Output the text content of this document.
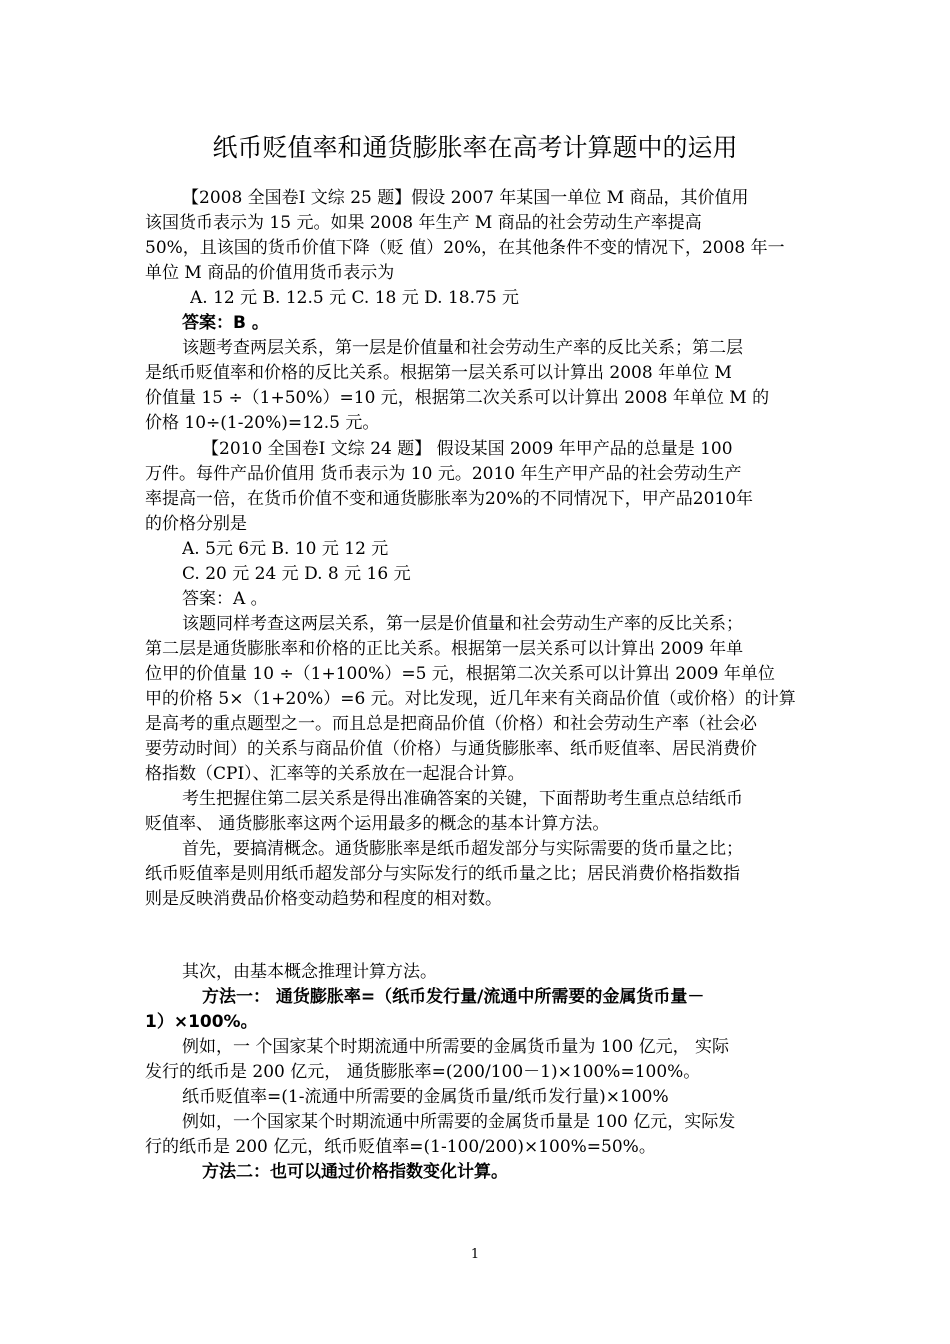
纸币贬值率和通货膨胀率在高考计算题中的运用
【2008 全国卷Ⅰ 文综 25 题】假设 2007 年某国一单位 M 商品，其价值用
该国货币表示为 15 元。如果 2008 年生产 M 商品的社会劳动生产率提高
50%，且该国的货币价值下降（贬 值）20%，在其他条件不变的情况下，2008 年一
单位 M 商品的价值用货币表示为
A. 12 元 B. 12.5 元 C. 18 元 D. 18.75 元
答案：B 。
该题考查两层关系，第一层是价值量和社会劳动生产率的反比关系；第二层
是纸币贬值率和价格的反比关系。根据第一层关系可以计算出 2008 年单位 M
价值量 15 ÷（1+50%）=10 元，根据第二次关系可以计算出 2008 年单位 M 的
价格 10÷(1-20%)=12.5 元。
【2010 全国卷Ⅰ 文综 24 题】 假设某国 2009 年甲产品的总量是 100
万件。每件产品价值用 货币表示为 10 元。2010 年生产甲产品的社会劳动生产
率提高一倍，在货币价值不变和通货膨胀率为20%的不同情况下，甲产品2010年
的价格分别是
A. 5元 6元 B. 10 元 12 元
C. 20 元 24 元 D. 8 元 16 元
答案：A 。
该题同样考查这两层关系，第一层是价值量和社会劳动生产率的反比关系；
第二层是通货膨胀率和价格的正比关系。根据第一层关系可以计算出 2009 年单
位甲的价值量 10 ÷（1+100%）=5 元，根据第二次关系可以计算出 2009 年单位
甲的价格 5×（1+20%）=6 元。对比发现，近几年来有关商品价值（或价格）的计算
是高考的重点题型之一。而且总是把商品价值（价格）和社会劳动生产率（社会必
要劳动时间）的关系与商品价值（价格）与通货膨胀率、纸币贬值率、居民消费价
格指数（CPI）、汇率等的关系放在一起混合计算。
考生把握住第二层关系是得出准确答案的关键，下面帮助考生重点总结纸币
贬值率、 通货膨胀率这两个运用最多的概念的基本计算方法。
首先，要搞清概念。通货膨胀率是纸币超发部分与实际需要的货币量之比；
纸币贬值率是则用纸币超发部分与实际发行的纸币量之比；居民消费价格指数指
则是反映消费品价格变动趋势和程度的相对数。
其次，由基本概念推理计算方法。
方法一： 通货膨胀率=（纸币发行量/流通中所需要的金属货币量－
1）×100%。
例如，一 个国家某个时期流通中所需要的金属货币量为 100 亿元， 实际
发行的纸币是 200 亿元， 通货膨胀率=(200/100－1)×100%=100%。
纸币贬值率=(1-流通中所需要的金属货币量/纸币发行量)×100%
例如，一个国家某个时期流通中所需要的金属货币量是 100 亿元，实际发
行的纸币是 200 亿元，纸币贬值率=(1-100/200)×100%=50%。
方法二：也可以通过价格指数变化计算。
1
